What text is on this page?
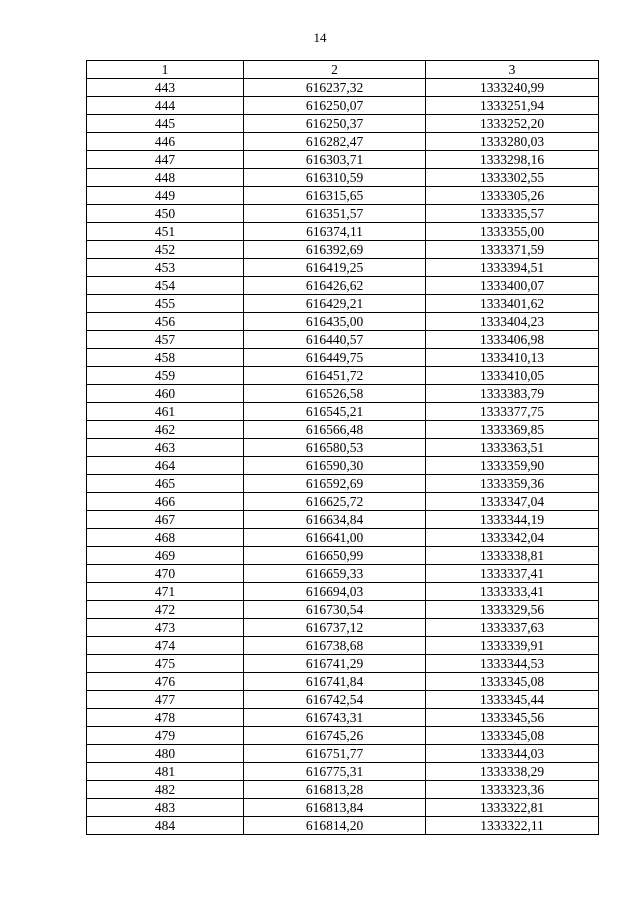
14
1	2	3
443	616237,32	1333240,99
444	616250,07	1333251,94
445	616250,37	1333252,20
446	616282,47	1333280,03
447	616303,71	1333298,16
448	616310,59	1333302,55
449	616315,65	1333305,26
450	616351,57	1333335,57
451	616374,11	1333355,00
452	616392,69	1333371,59
453	616419,25	1333394,51
454	616426,62	1333400,07
455	616429,21	1333401,62
456	616435,00	1333404,23
457	616440,57	1333406,98
458	616449,75	1333410,13
459	616451,72	1333410,05
460	616526,58	1333383,79
461	616545,21	1333377,75
462	616566,48	1333369,85
463	616580,53	1333363,51
464	616590,30	1333359,90
465	616592,69	1333359,36
466	616625,72	1333347,04
467	616634,84	1333344,19
468	616641,00	1333342,04
469	616650,99	1333338,81
470	616659,33	1333337,41
471	616694,03	1333333,41
472	616730,54	1333329,56
473	616737,12	1333337,63
474	616738,68	1333339,91
475	616741,29	1333344,53
476	616741,84	1333345,08
477	616742,54	1333345,44
478	616743,31	1333345,56
479	616745,26	1333345,08
480	616751,77	1333344,03
481	616775,31	1333338,29
482	616813,28	1333323,36
483	616813,84	1333322,81
484	616814,20	1333322,11
